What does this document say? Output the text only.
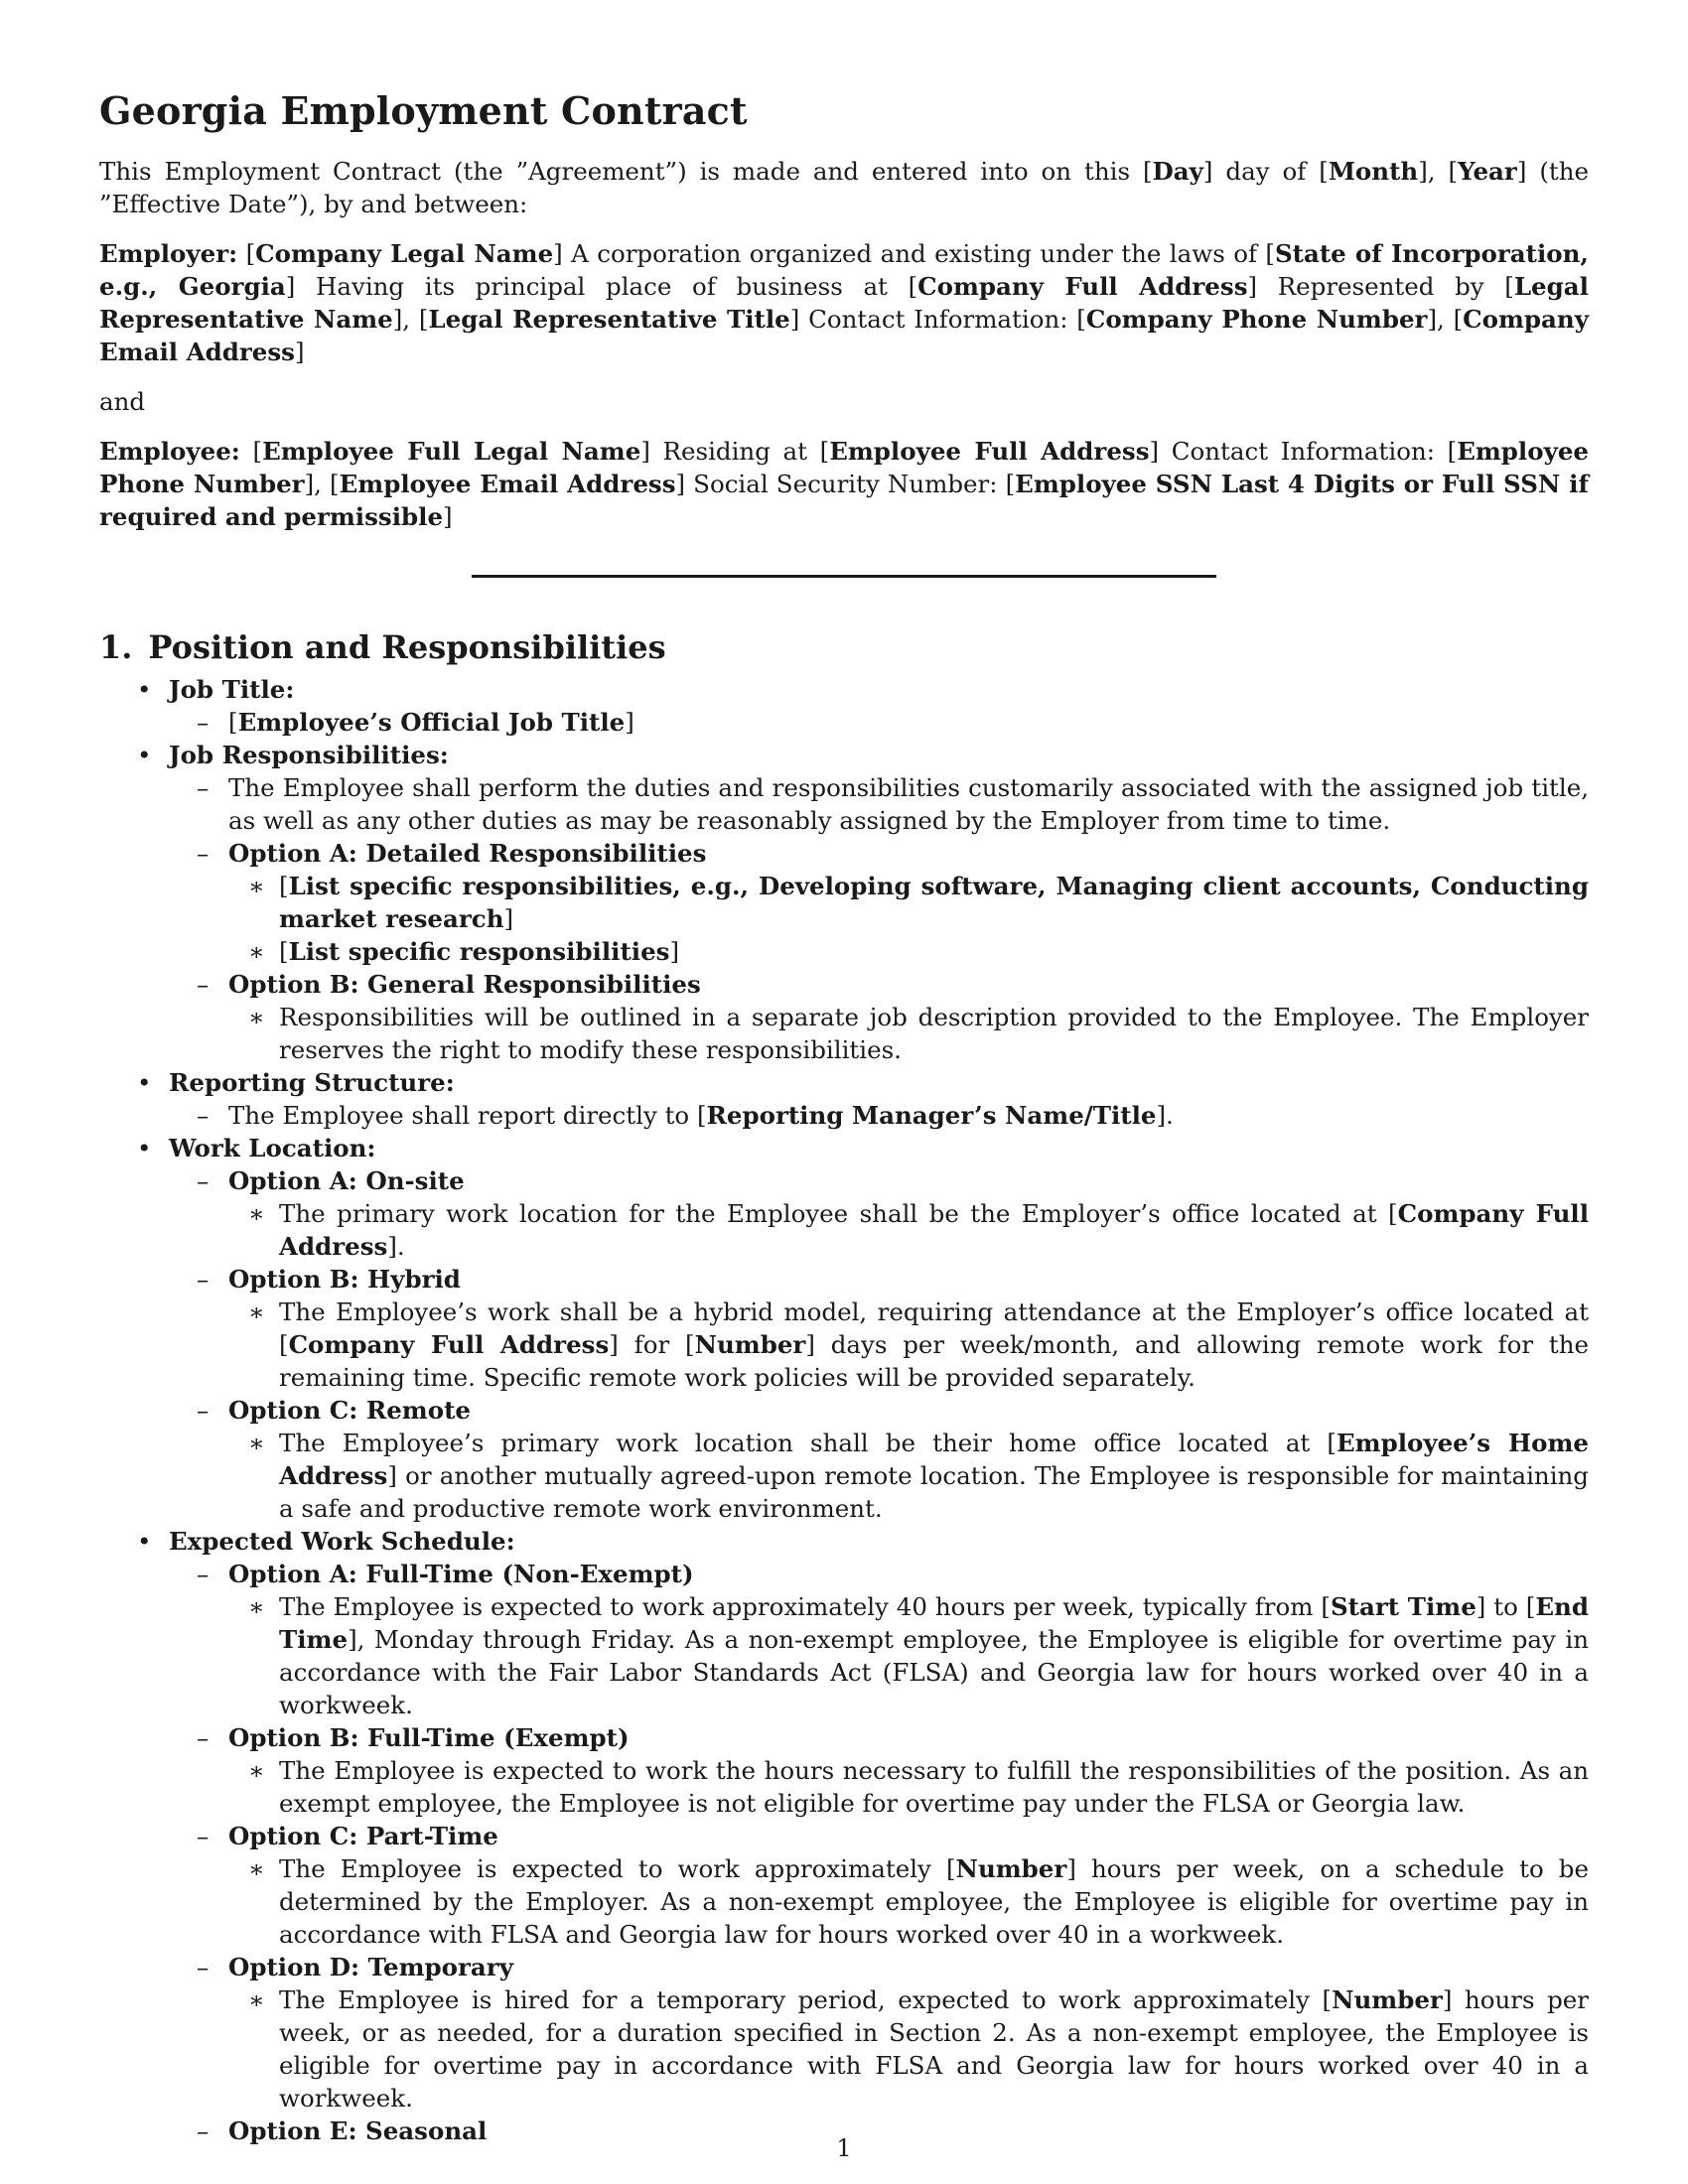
Georgia Employment Contract

This Employment Contract (the ”Agreement”) is made and entered into on this [Day] day of [Month], [Year] (the ”Effective Date”), by and between:

Employer: [Company Legal Name] A corporation organized and existing under the laws of [State of Incorporation, e.g., Georgia] Having its principal place of business at [Company Full Address] Represented by [Legal Representative Name], [Legal Representative Title] Contact Information: [Company Phone Number], [Company Email Address]

and

Employee: [Employee Full Legal Name] Residing at [Employee Full Address] Contact Information: [Employee Phone Number], [Employee Email Address] Social Security Number: [Employee SSN Last 4 Digits or Full SSN if required and permissible]

1. Position and Responsibilities
• Job Title:
– [Employee’s Official Job Title]
• Job Responsibilities:
– The Employee shall perform the duties and responsibilities customarily associated with the assigned job title, as well as any other duties as may be reasonably assigned by the Employer from time to time.
– Option A: Detailed Responsibilities
∗ [List specific responsibilities, e.g., Developing software, Managing client accounts, Conducting market research]
∗ [List specific responsibilities]
– Option B: General Responsibilities
∗ Responsibilities will be outlined in a separate job description provided to the Employee. The Employer reserves the right to modify these responsibilities.
• Reporting Structure:
– The Employee shall report directly to [Reporting Manager’s Name/Title].
• Work Location:
– Option A: On-site
∗ The primary work location for the Employee shall be the Employer’s office located at [Company Full Address].
– Option B: Hybrid
∗ The Employee’s work shall be a hybrid model, requiring attendance at the Employer’s office located at [Company Full Address] for [Number] days per week/month, and allowing remote work for the remaining time. Specific remote work policies will be provided separately.
– Option C: Remote
∗ The Employee’s primary work location shall be their home office located at [Employee’s Home Address] or another mutually agreed-upon remote location. The Employee is responsible for maintaining a safe and productive remote work environment.
• Expected Work Schedule:
– Option A: Full-Time (Non-Exempt)
∗ The Employee is expected to work approximately 40 hours per week, typically from [Start Time] to [End Time], Monday through Friday. As a non-exempt employee, the Employee is eligible for overtime pay in accordance with the Fair Labor Standards Act (FLSA) and Georgia law for hours worked over 40 in a workweek.
– Option B: Full-Time (Exempt)
∗ The Employee is expected to work the hours necessary to fulfill the responsibilities of the position. As an exempt employee, the Employee is not eligible for overtime pay under the FLSA or Georgia law.
– Option C: Part-Time
∗ The Employee is expected to work approximately [Number] hours per week, on a schedule to be determined by the Employer. As a non-exempt employee, the Employee is eligible for overtime pay in accordance with FLSA and Georgia law for hours worked over 40 in a workweek.
– Option D: Temporary
∗ The Employee is hired for a temporary period, expected to work approximately [Number] hours per week, or as needed, for a duration specified in Section 2. As a non-exempt employee, the Employee is eligible for overtime pay in accordance with FLSA and Georgia law for hours worked over 40 in a workweek.
– Option E: Seasonal
1
